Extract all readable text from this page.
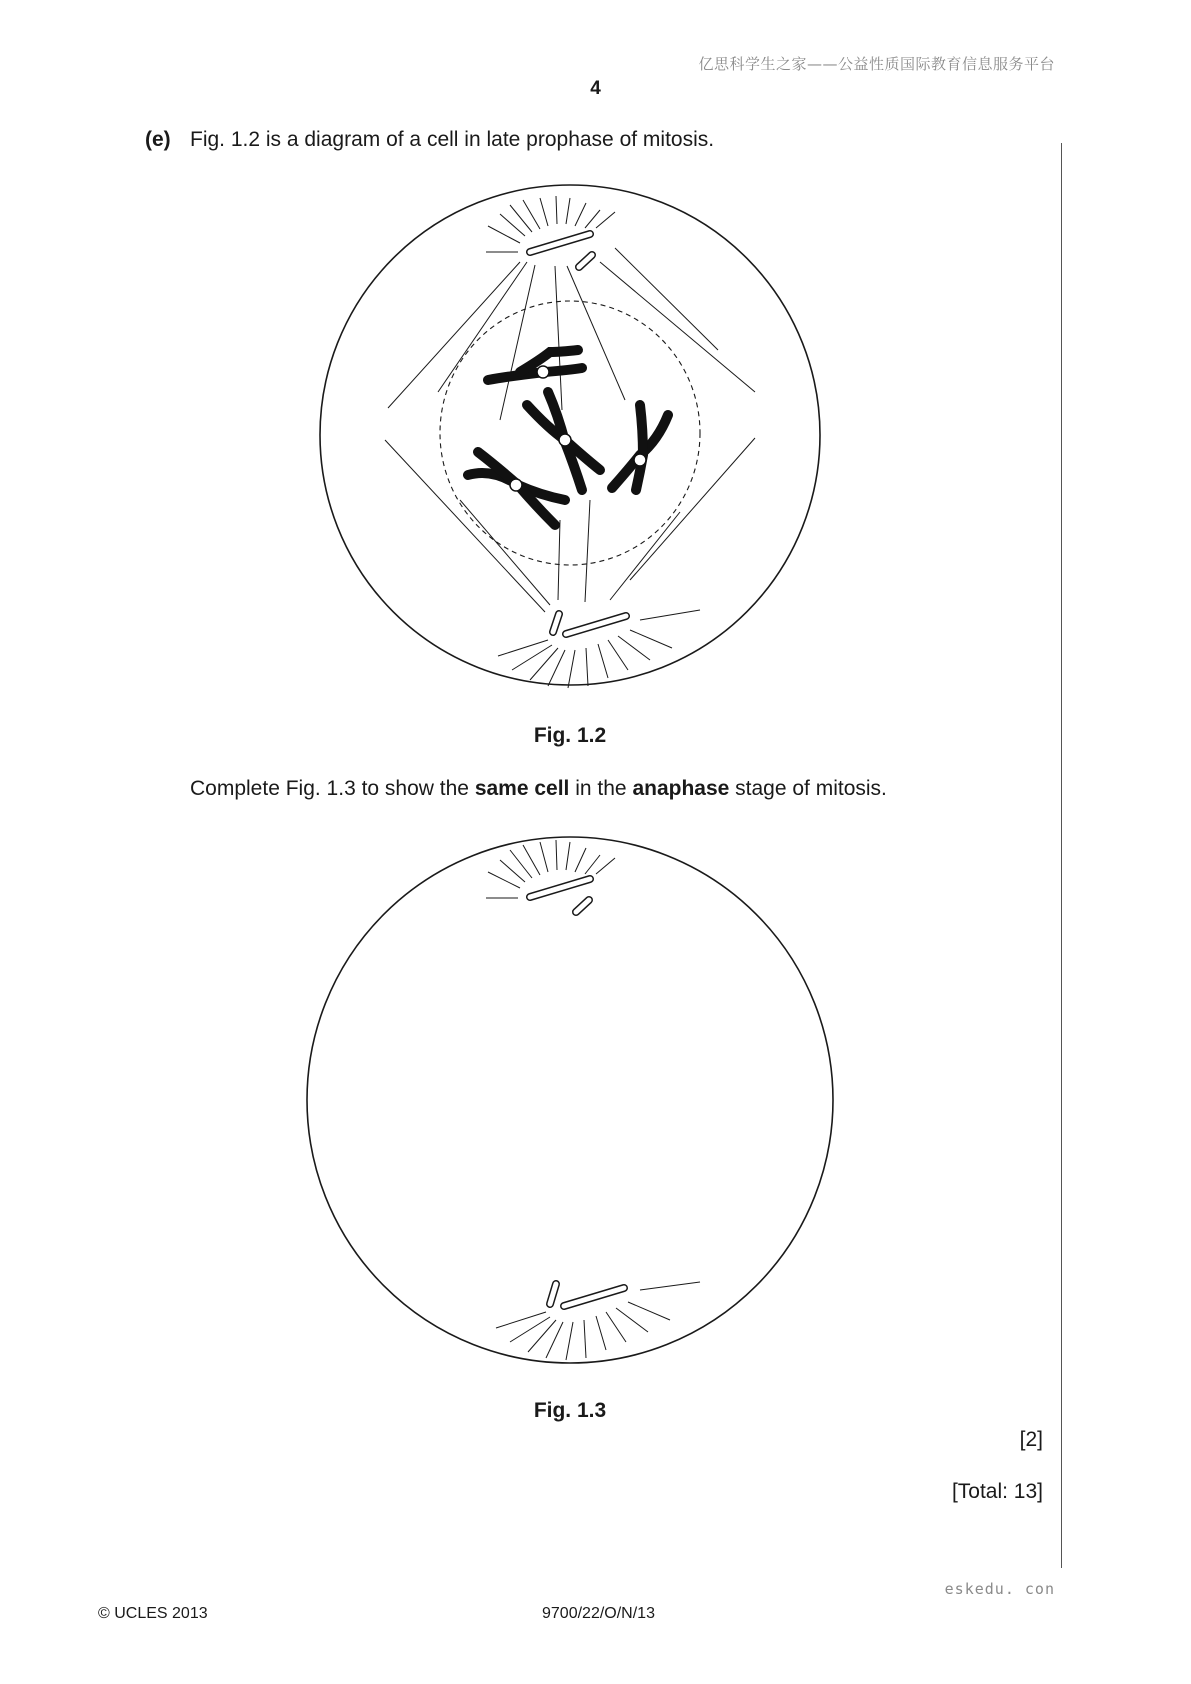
亿思科学生之家——公益性质国际教育信息服务平台
4
(e) Fig. 1.2 is a diagram of a cell in late prophase of mitosis.
Fig. 1.2
Complete Fig. 1.3 to show the same cell in the anaphase stage of mitosis.
Fig. 1.3
[2]
[Total: 13]
eskedu. con
© UCLES 2013	9700/22/O/N/13
